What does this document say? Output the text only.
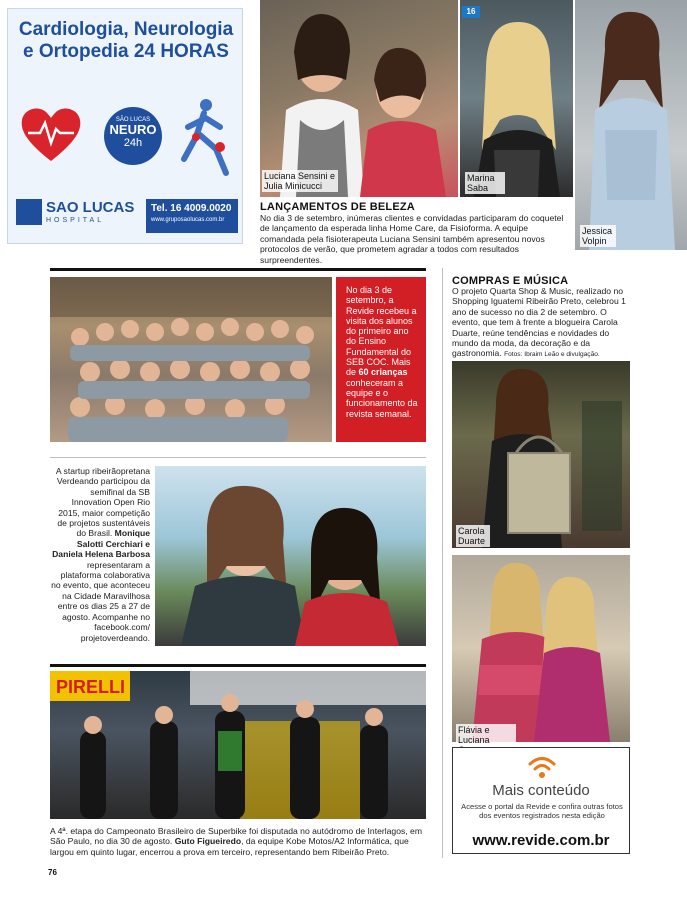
Cardiologia, Neurologia
e Ortopedia 24 HORAS
SÃO LUCAS
NEURO
24h
SAO LUCAS
HOSPITAL
Tel. 16 4009.0020
www.gruposaolucas.com.br
Luciana Sensini e Julia Minicucci
16
Marina Saba
Jessica Volpin
LANÇAMENTOS DE BELEZA
No dia 3 de setembro, inúmeras clientes e convidadas participaram do coquetel de lançamento da esperada linha Home Care, da Fisioforma. A equipe comandada pela fisioterapeuta Luciana Sensini também apresentou novos protocolos de verão, que prometem agradar a todos com resultados surpreendentes.
No dia 3 de setembro, a Revide recebeu a visita dos alunos do primeiro ano do Ensino Fundamental do SEB COC. Mais de 60 crianças conheceram a equipe e o funcionamento da revista semanal.
A startup ribeirãopretana Verdeando participou da semifinal da SB Innovation Open Rio 2015, maior competição de projetos sustentáveis do Brasil. Monique Salotti Cerchiari e Daniela Helena Barbosa representaram a plataforma colaborativa no evento, que aconteceu na Cidade Maravilhosa entre os dias 25 a 27 de agosto. Acompanhe no facebook.com/ projetoverdeando.
PIRELLI
A 4ª. etapa do Campeonato Brasileiro de Superbike foi disputada no autódromo de Interlagos, em São Paulo, no dia 30 de agosto. Guto Figueiredo, da equipe Kobe Motos/A2 Informática, que largou em quinto lugar, encerrou a prova em terceiro, representando bem Ribeirão Preto.
COMPRAS E MÚSICA
O projeto Quarta Shop & Music, realizado no Shopping Iguatemi Ribeirão Preto, celebrou 1 ano de sucesso no dia 2 de setembro. O evento, que tem à frente a blogueira Carola Duarte, reúne tendências e novidades do mundo da moda, da decoração e da gastronomia. Fotos: Ibraim Leão e divulgação.
Carola Duarte
Flávia e Luciana
Mais conteúdo
Acesse o portal da Revide e confira outras fotos dos eventos registrados nesta edição
www.revide.com.br
76
